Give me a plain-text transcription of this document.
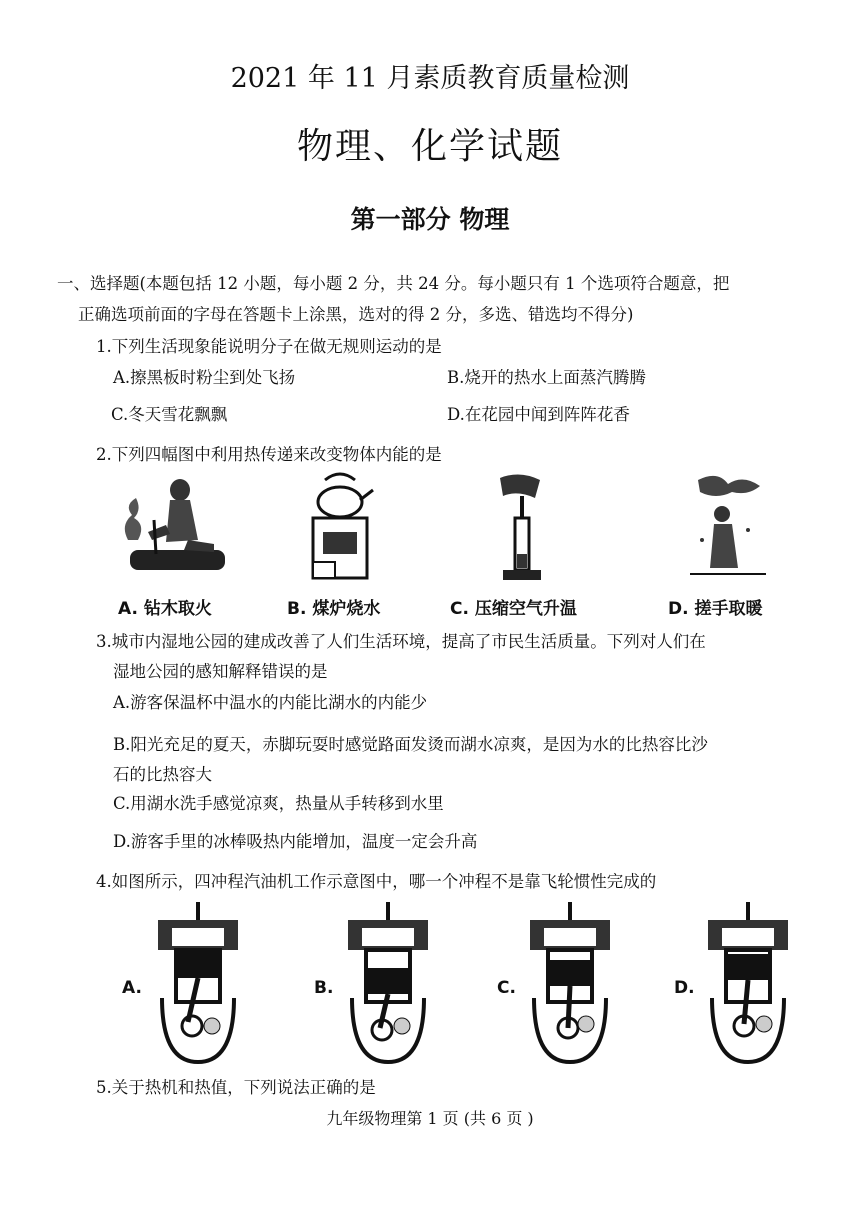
2021 年 11 月素质教育质量检测
物理、化学试题
第一部分 物理
一、选择题(本题包括 12 小题，每小题 2 分，共 24 分。每小题只有 1 个选项符合题意，把
正确选项前面的字母在答题卡上涂黑，选对的得 2 分，多选、错选均不得分)
1.下列生活现象能说明分子在做无规则运动的是
A.擦黑板时粉尘到处飞扬	B.烧开的热水上面蒸汽腾腾
C.冬天雪花飘飘	D.在花园中闻到阵阵花香
2.下列四幅图中利用热传递来改变物体内能的是
A. 钻木取火	B. 煤炉烧水	C. 压缩空气升温	D. 搓手取暖
3.城市内湿地公园的建成改善了人们生活环境，提高了市民生活质量。下列对人们在
湿地公园的感知解释错误的是
A.游客保温杯中温水的内能比湖水的内能少
B.阳光充足的夏天，赤脚玩耍时感觉路面发烫而湖水凉爽，是因为水的比热容比沙
石的比热容大
C.用湖水洗手感觉凉爽，热量从手转移到水里
D.游客手里的冰棒吸热内能增加，温度一定会升高
4.如图所示，四冲程汽油机工作示意图中，哪一个冲程不是靠飞轮惯性完成的
A.	B.	C.	D.
5.关于热机和热值，下列说法正确的是
九年级物理第 1 页 (共 6 页 )
